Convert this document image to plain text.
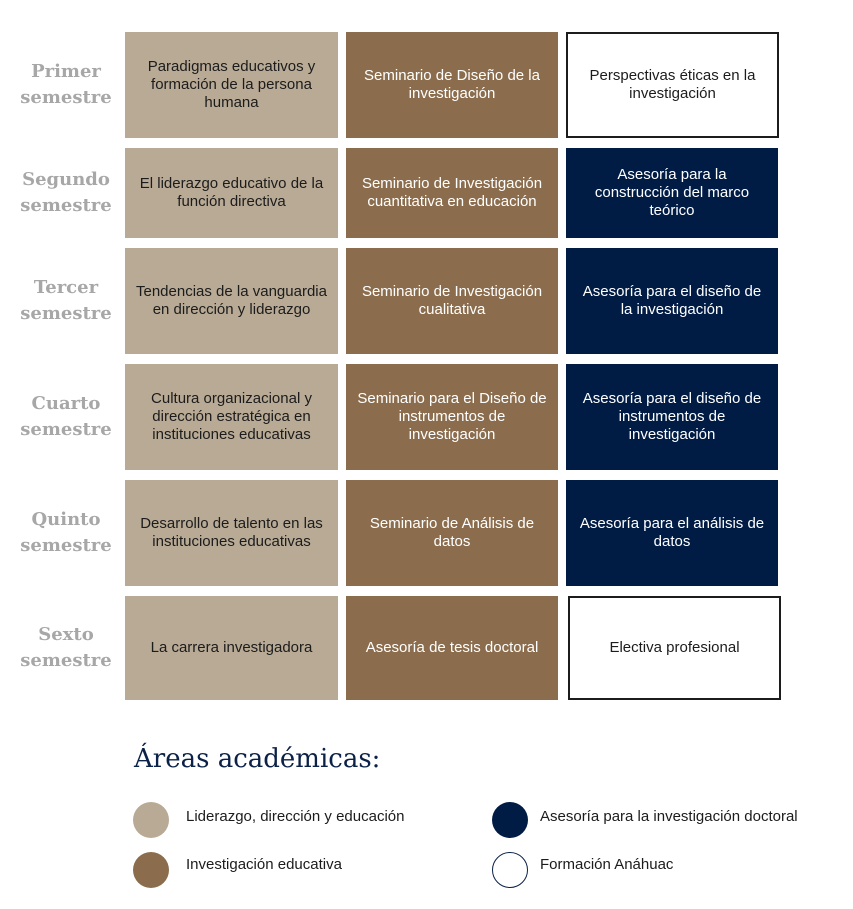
Primer semestre
Segundo semestre
Tercer semestre
Cuarto semestre
Quinto semestre
Sexto semestre
Paradigmas educativos y formación de la persona humana
Seminario de Diseño de la investigación
Perspectivas éticas en la investigación
El liderazgo educativo de la función directiva
Seminario de Investigación cuantitativa en educación
Asesoría para la construcción del marco teórico
Tendencias de la vanguardia en dirección y liderazgo
Seminario de Investigación cualitativa
Asesoría para el diseño de la investigación
Cultura organizacional y dirección estratégica en instituciones educativas
Seminario para el Diseño de instrumentos de investigación
Asesoría para el diseño de instrumentos de investigación
Desarrollo de talento en las instituciones educativas
Seminario de Análisis de datos
Asesoría para el análisis de datos
La carrera investigadora	Asesoría de tesis doctoral	Electiva profesional
Áreas académicas:
Liderazgo, dirección y educación
Investigación educativa
Asesoría para la investigación doctoral
Formación Anáhuac
